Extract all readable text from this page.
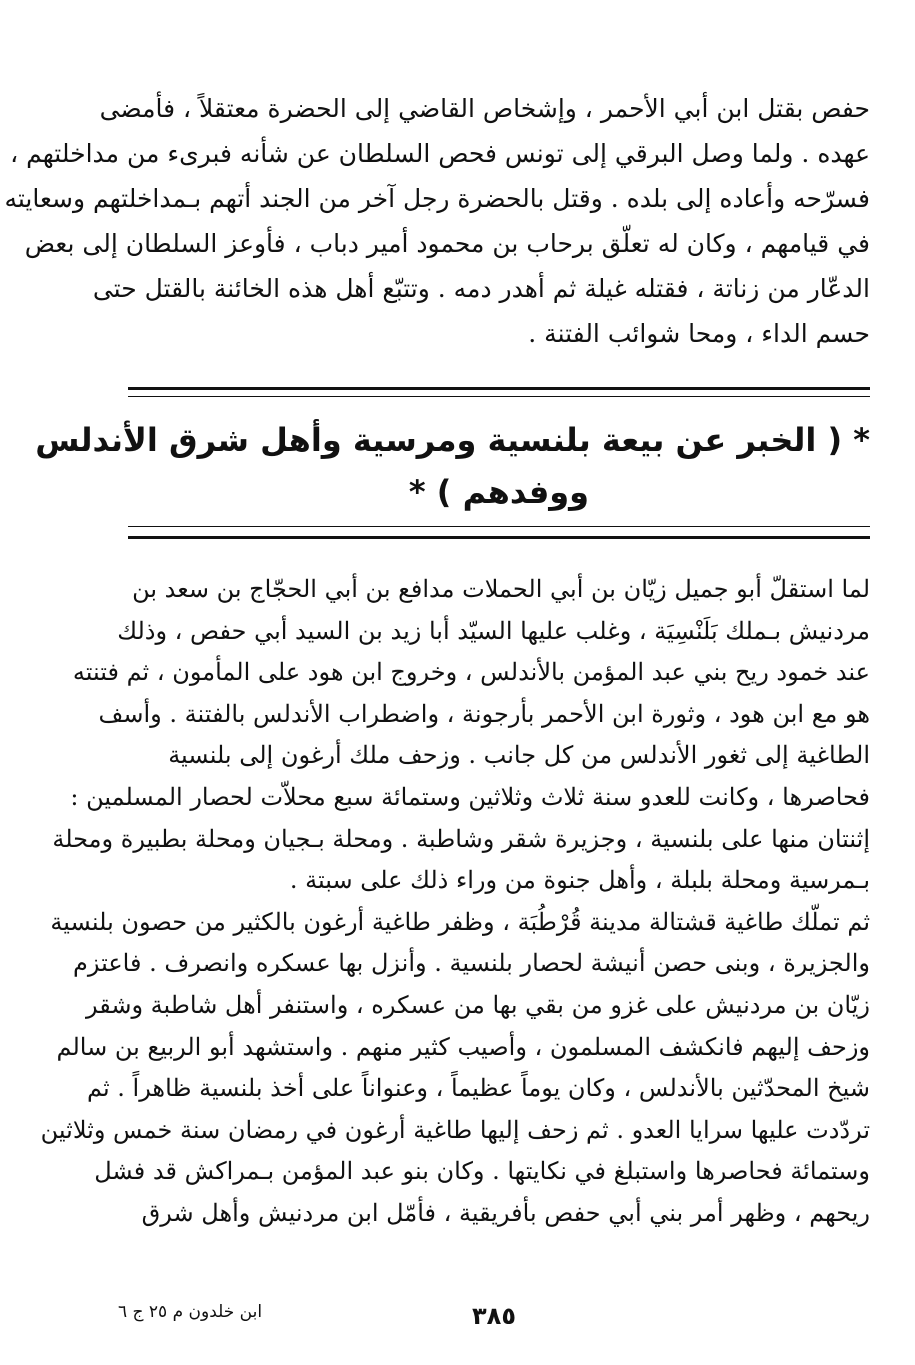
حفص بقتل ابن أبي الأحمر ، وإشخاص القاضي إلى الحضرة معتقلاً ، فأمضى
عهده . ولما وصل البرقي إلى تونس فحص السلطان عن شأنه فبرىء من مداخلتهم ،
فسرّحه وأعاده إلى بلده . وقتل بالحضرة رجل آخر من الجند أتهم بـمداخلتهم وسعايته
في قيامهم ، وكان له تعلّق برحاب بن محمود أمير دباب ، فأوعز السلطان إلى بعض
الدعّار من زناتة ، فقتله غيلة ثم أهدر دمه . وتتبّع أهل هذه الخائنة بالقتل حتى
حسم الداء ، ومحا شوائب الفتنة .
* ( الخبر عن بيعة بلنسية ومرسية وأهل شرق الأندلس
ووفدهم ) *
لما استقلّ أبو جميل زيّان بن أبي الحملات مدافع بن أبي الحجّاج بن سعد بن
مردنيش بـملك بَلَنْسِيَة ، وغلب عليها السيّد أبا زيد بن السيد أبي حفص ، وذلك
عند خمود ريح بني عبد المؤمن بالأندلس ، وخروج ابن هود على المأمون ، ثم فتنته
هو مع ابن هود ، وثورة ابن الأحمر بأرجونة ، واضطراب الأندلس بالفتنة . وأسف
الطاغية إلى ثغور الأندلس من كل جانب . وزحف ملك أرغون إلى بلنسية
فحاصرها ، وكانت للعدو سنة ثلاث وثلاثين وستمائة سبع محلاّت لحصار المسلمين :
إثنتان منها على بلنسية ، وجزيرة شقر وشاطبة . ومحلة بـجيان ومحلة بطبيرة ومحلة
بـمرسية ومحلة بلبلة ، وأهل جنوة من وراء ذلك على سبتة .
ثم تملّك طاغية قشتالة مدينة قُرْطُبَة ، وظفر طاغية أرغون بالكثير من حصون بلنسية
والجزيرة ، وبنى حصن أنيشة لحصار بلنسية . وأنزل بها عسكره وانصرف . فاعتزم
زيّان بن مردنيش على غزو من بقي بها من عسكره ، واستنفر أهل شاطبة وشقر
وزحف إليهم فانكشف المسلمون ، وأصيب كثير منهم . واستشهد أبو الربيع بن سالم
شيخ المحدّثين بالأندلس ، وكان يوماً عظيماً ، وعنواناً على أخذ بلنسية ظاهراً . ثم
تردّدت عليها سرايا العدو . ثم زحف إليها طاغية أرغون في رمضان سنة خمس وثلاثين
وستمائة فحاصرها واستبلغ في نكايتها . وكان بنو عبد المؤمن بـمراكش قد فشل
ريحهم ، وظهر أمر بني أبي حفص بأفريقية ، فأمّل ابن مردنيش وأهل شرق
٣٨٥
ابن خلدون م ٢٥ ج ٦
